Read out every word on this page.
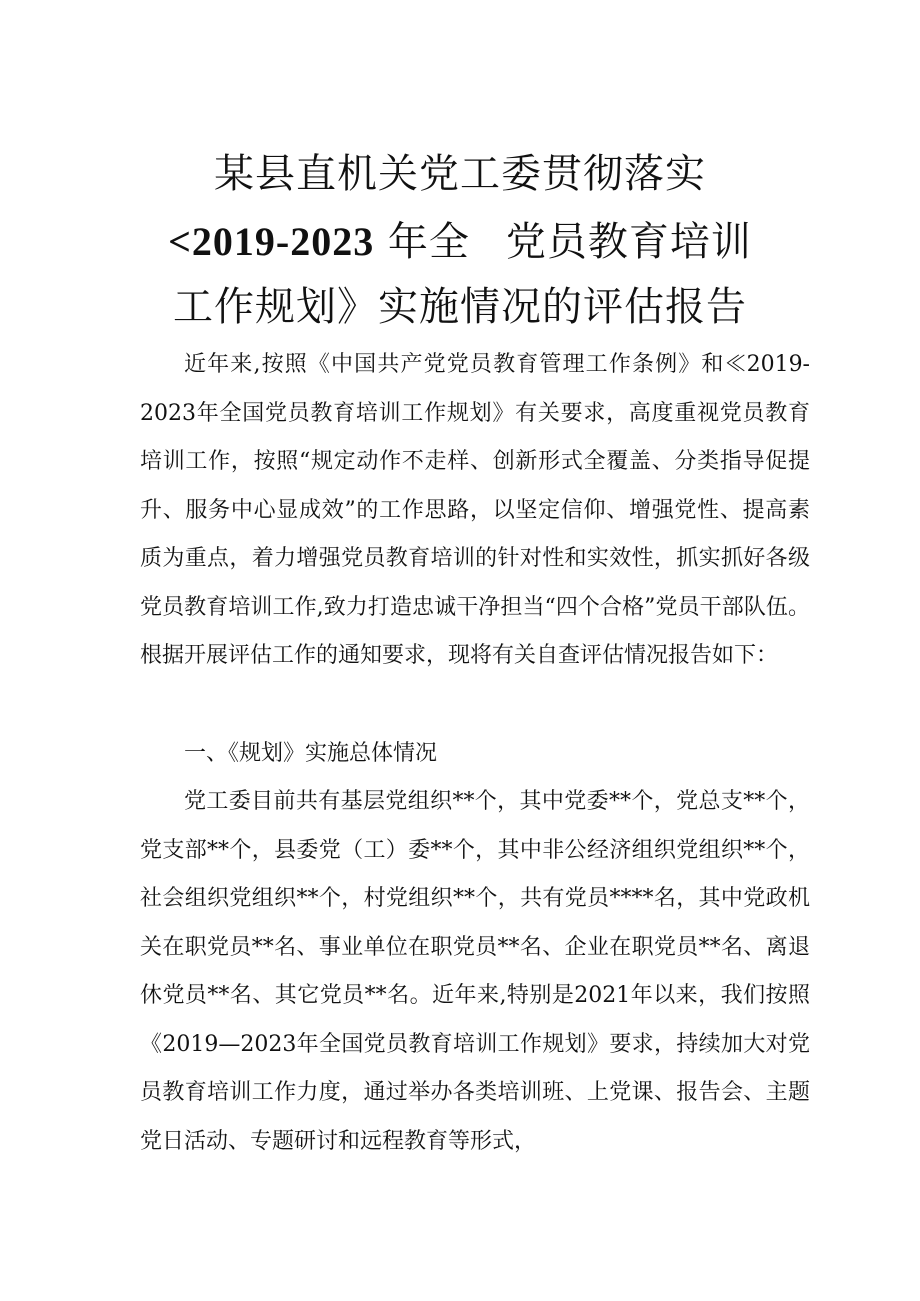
某县直机关党工委贯彻落实
<2019-2023 年全 党员教育培训
工作规划》实施情况的评估报告

近年来,按照《中国共产党党员教育管理工作条例》和≪2019-2023年全国党员教育培训工作规划》有关要求，高度重视党员教育培训工作，按照“规定动作不走样、创新形式全覆盖、分类指导促提升、服务中心显成效”的工作思路，以坚定信仰、增强党性、提高素质为重点，着力增强党员教育培训的针对性和实效性，抓实抓好各级党员教育培训工作,致力打造忠诚干净担当“四个合格”党员干部队伍。根据开展评估工作的通知要求，现将有关自查评估情况报告如下：

一、《规划》实施总体情况

党工委目前共有基层党组织**个，其中党委**个，党总支**个，党支部**个，县委党（工）委**个，其中非公经济组织党组织**个，社会组织党组织**个，村党组织**个，共有党员****名，其中党政机关在职党员**名、事业单位在职党员**名、企业在职党员**名、离退休党员**名、其它党员**名。近年来,特别是2021年以来，我们按照《2019—2023年全国党员教育培训工作规划》要求，持续加大对党员教育培训工作力度，通过举办各类培训班、上党课、报告会、主题党日活动、专题研讨和远程教育等形式，
